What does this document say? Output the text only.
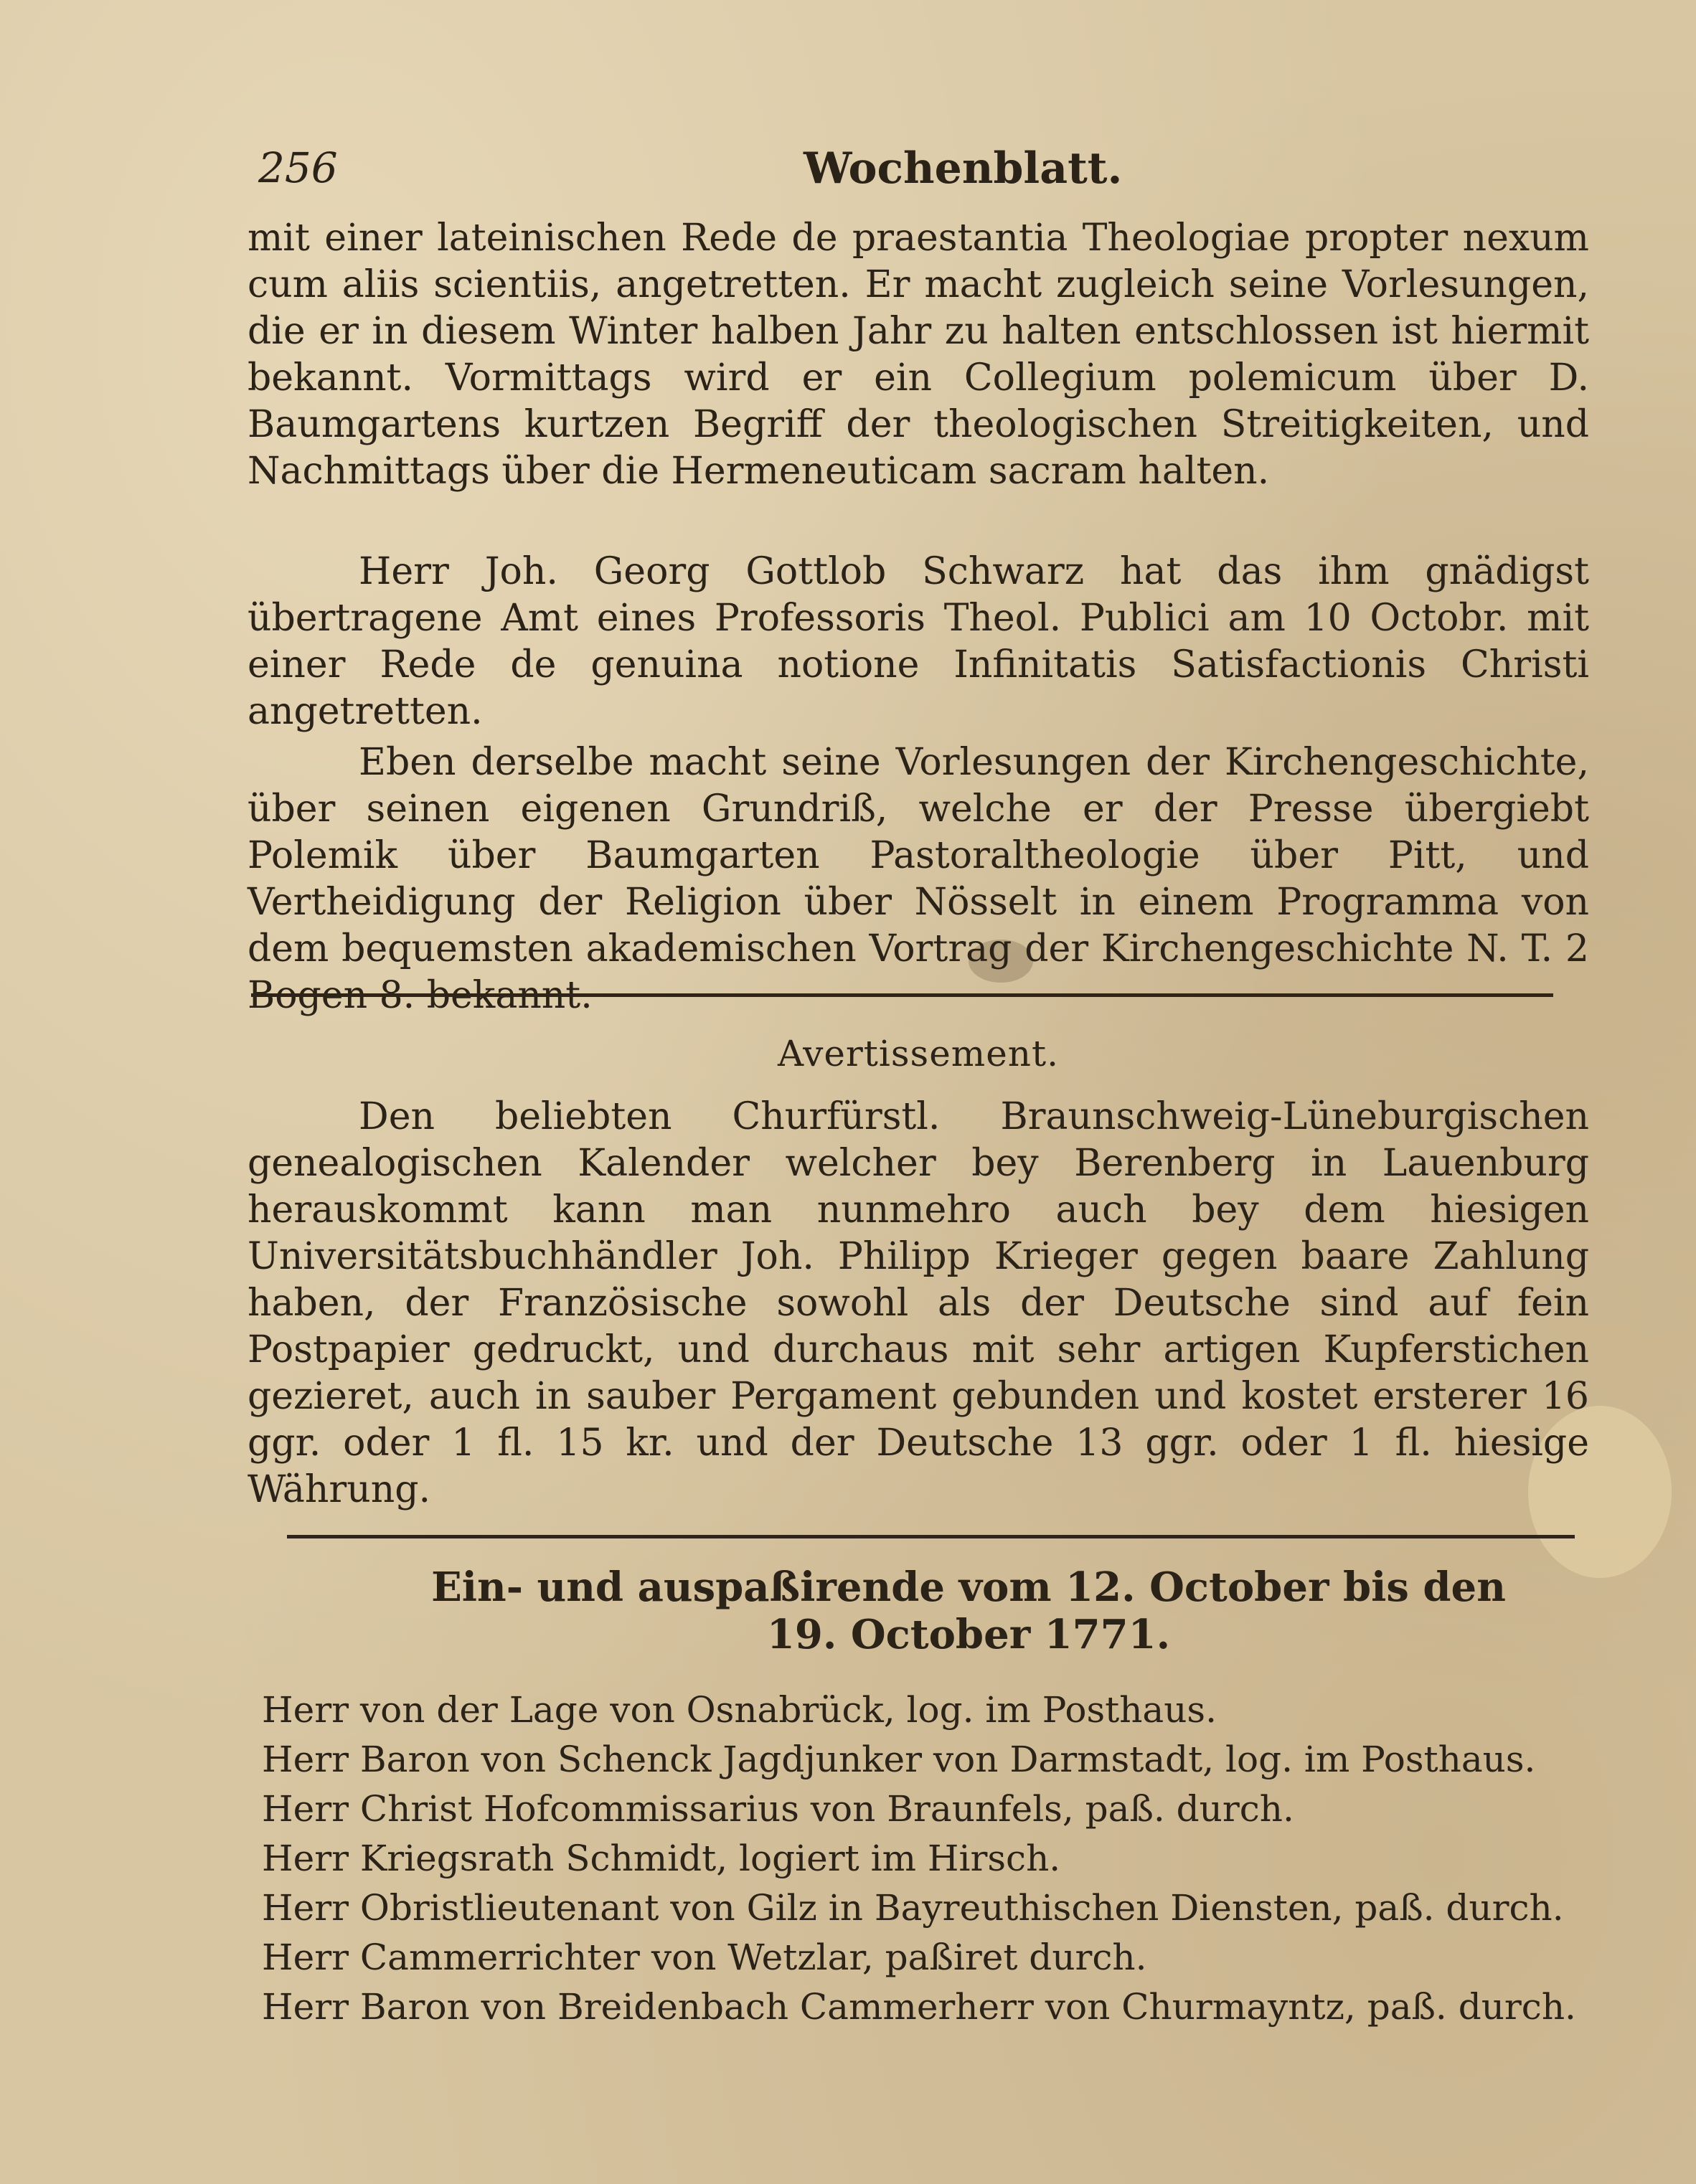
256	Wochenblatt.

mit einer lateinischen Rede de praestantia Theologiae propter nexum cum aliis scientiis, angetretten. Er macht zugleich seine Vorlesungen, die er in diesem Winter halben Jahr zu halten entschlossen ist hiermit bekannt. Vormittags wird er ein Collegium polemicum über D. Baumgartens kurtzen Begriff der theologischen Streitigkeiten, und Nachmittags über die Hermeneuticam sacram halten.

Herr Joh. Georg Gottlob Schwarz hat das ihm gnädigst übertragene Amt eines Professoris Theol. Publici am 10 Octobr. mit einer Rede de genuina notione Infinitatis Satisfactionis Christi angetretten.

Eben derselbe macht seine Vorlesungen der Kirchengeschichte, über seinen eigenen Grundriß, welche er der Presse übergiebt Polemik über Baumgarten Pastoraltheologie über Pitt, und Vertheidigung der Religion über Nösselt in einem Programma von dem bequemsten akademischen Vortrag der Kirchengeschichte N. T. 2 Bogen 8. bekannt.

Avertissement.

Den beliebten Churfürstl. Braunschweig-Lüneburgischen genealogischen Kalender welcher bey Berenberg in Lauenburg herauskommt kann man nunmehro auch bey dem hiesigen Universitätsbuchhändler Joh. Philipp Krieger gegen baare Zahlung haben, der Französische sowohl als der Deutsche sind auf fein Postpapier gedruckt, und durchaus mit sehr artigen Kupferstichen gezieret, auch in sauber Pergament gebunden und kostet ersterer 16 ggr. oder 1 fl. 15 kr. und der Deutsche 13 ggr. oder 1 fl. hiesige Währung.

Ein- und auspaßirende vom 12. October bis den
19. October 1771.
Herr von der Lage von Osnabrück, log. im Posthaus.
Herr Baron von Schenck Jagdjunker von Darmstadt, log. im Posthaus.
Herr Christ Hofcommissarius von Braunfels, paß. durch.
Herr Kriegsrath Schmidt, logiert im Hirsch.
Herr Obristlieutenant von Gilz in Bayreuthischen Diensten, paß. durch.
Herr Cammerrichter von Wetzlar, paßiret durch.
Herr Baron von Breidenbach Cammerherr von Churmayntz, paß. durch.
